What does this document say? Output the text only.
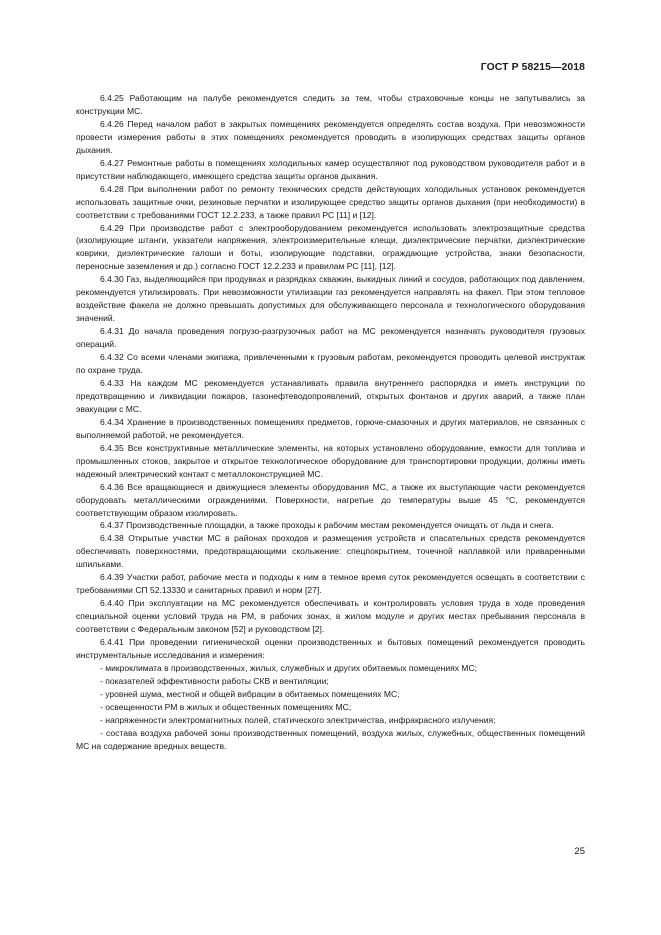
ГОСТ Р 58215—2018

6.4.25 Работающим на палубе рекомендуется следить за тем, чтобы страховочные концы не запутывались за конструкции МС.

6.4.26 Перед началом работ в закрытых помещениях рекомендуется определять состав воздуха. При невозможности провести измерения работы в этих помещениях рекомендуется проводить в изолирующих средствах защиты органов дыхания.

6.4.27 Ремонтные работы в помещениях холодильных камер осуществляют под руководством руководителя работ и в присутствии наблюдающего, имеющего средства защиты органов дыхания.

6.4.28 При выполнении работ по ремонту технических средств действующих холодильных установок рекомендуется использовать защитные очки, резиновые перчатки и изолирующее средство защиты органов дыхания (при необходимости) в соответствии с требованиями ГОСТ 12.2.233, а также правил РС [11] и [12].

6.4.29 При производстве работ с электрооборудованием рекомендуется использовать электрозащитные средства (изолирующие штанги, указатели напряжения, электроизмерительные клещи, диэлектрические перчатки, диэлектрические коврики, диэлектрические галоши и боты, изолирующие подставки, ограждающие устройства, знаки безопасности, переносные заземления и др.) согласно ГОСТ 12.2.233 и правилам РС [11], [12].

6.4.30 Газ, выделяющийся при продувках и разрядках скважин, выкидных линий и сосудов, работающих под давлением, рекомендуется утилизировать. При невозможности утилизации газ рекомендуется направлять на факел. При этом тепловое воздействие факела не должно превышать допустимых для обслуживающего персонала и технологического оборудования значений.

6.4.31 До начала проведения погрузо-разгрузочных работ на МС рекомендуется назначать руководителя грузовых операций.

6.4.32 Со всеми членами экипажа, привлеченными к грузовым работам, рекомендуется проводить целевой инструктаж по охране труда.

6.4.33 На каждом МС рекомендуется устанавливать правила внутреннего распорядка и иметь инструкции по предотвращению и ликвидации пожаров, газонефтеводопроявлений, открытых фонтанов и других аварий, а также план эвакуации с МС.

6.4.34 Хранение в производственных помещениях предметов, горюче-смазочных и других материалов, не связанных с выполняемой работой, не рекомендуется.

6.4.35 Все конструктивные металлические элементы, на которых установлено оборудование, емкости для топлива и промышленных стоков, закрытое и открытое технологическое оборудование для транспортировки продукции, должны иметь надежный электрический контакт с металлоконструкцией МС.

6.4.36 Все вращающиеся и движущиеся элементы оборудования МС, а также их выступающие части рекомендуется оборудовать металлическими ограждениями. Поверхности, нагретые до температуры выше 45 °С, рекомендуется соответствующим образом изолировать.

6.4.37 Производственные площадки, а также проходы к рабочим местам рекомендуется очищать от льда и снега.

6.4.38 Открытые участки МС в районах проходов и размещения устройств и спасательных средств рекомендуется обеспечивать поверхностями, предотвращающими скольжение: спецпокрытием, точечной наплавкой или приваренными шпильками.

6.4.39 Участки работ, рабочие места и подходы к ним в темное время суток рекомендуется освещать в соответствии с требованиями СП 52.13330 и санитарных правил и норм [27].

6.4.40 При эксплуатации на МС рекомендуется обеспечивать и контролировать условия труда в ходе проведения специальной оценки условий труда на РМ, в рабочих зонах, в жилом модуле и других местах пребывания персонала в соответствии с Федеральным законом [52] и руководством [2].

6.4.41 При проведении гигиенической оценки производственных и бытовых помещений рекомендуется проводить инструментальные исследования и измерения:

- микроклимата в производственных, жилых, служебных и других обитаемых помещениях МС;

- показателей эффективности работы СКВ и вентиляции;

- уровней шума, местной и общей вибрации в обитаемых помещениях МС;

- освещенности РМ в жилых и общественных помещениях МС;

- напряженности электромагнитных полей, статического электричества, инфракрасного излучения;

- состава воздуха рабочей зоны производственных помещений, воздуха жилых, служебных, общественных помещений МС на содержание вредных веществ.

25
